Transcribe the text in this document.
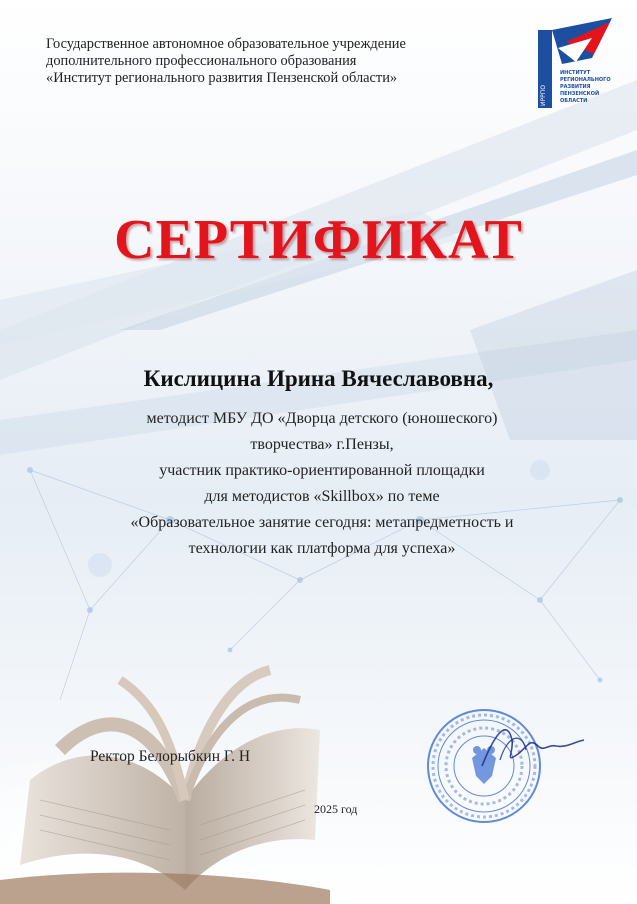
Государственное автономное образовательное учреждение
дополнительного профессионального образования
«Институт регионального развития Пензенской области»	ИНСТИТУТ
РЕГИОНАЛЬНОГО
РАЗВИТИЯ
ПЕНЗЕНСКОЙ
ОБЛАСТИ
ИРРПО
СЕРТИФИКАТ
Кислицина Ирина Вячеславовна,
методист МБУ ДО «Дворца детского (юношеского)
творчества» г.Пензы,
участник практико-ориентированной площадки
для методистов «Skillbox» по теме
«Образовательное занятие сегодня: метапредметность и
технологии как платформа для успеха»
Ректор Белорыбкин Г. Н
2025 год
